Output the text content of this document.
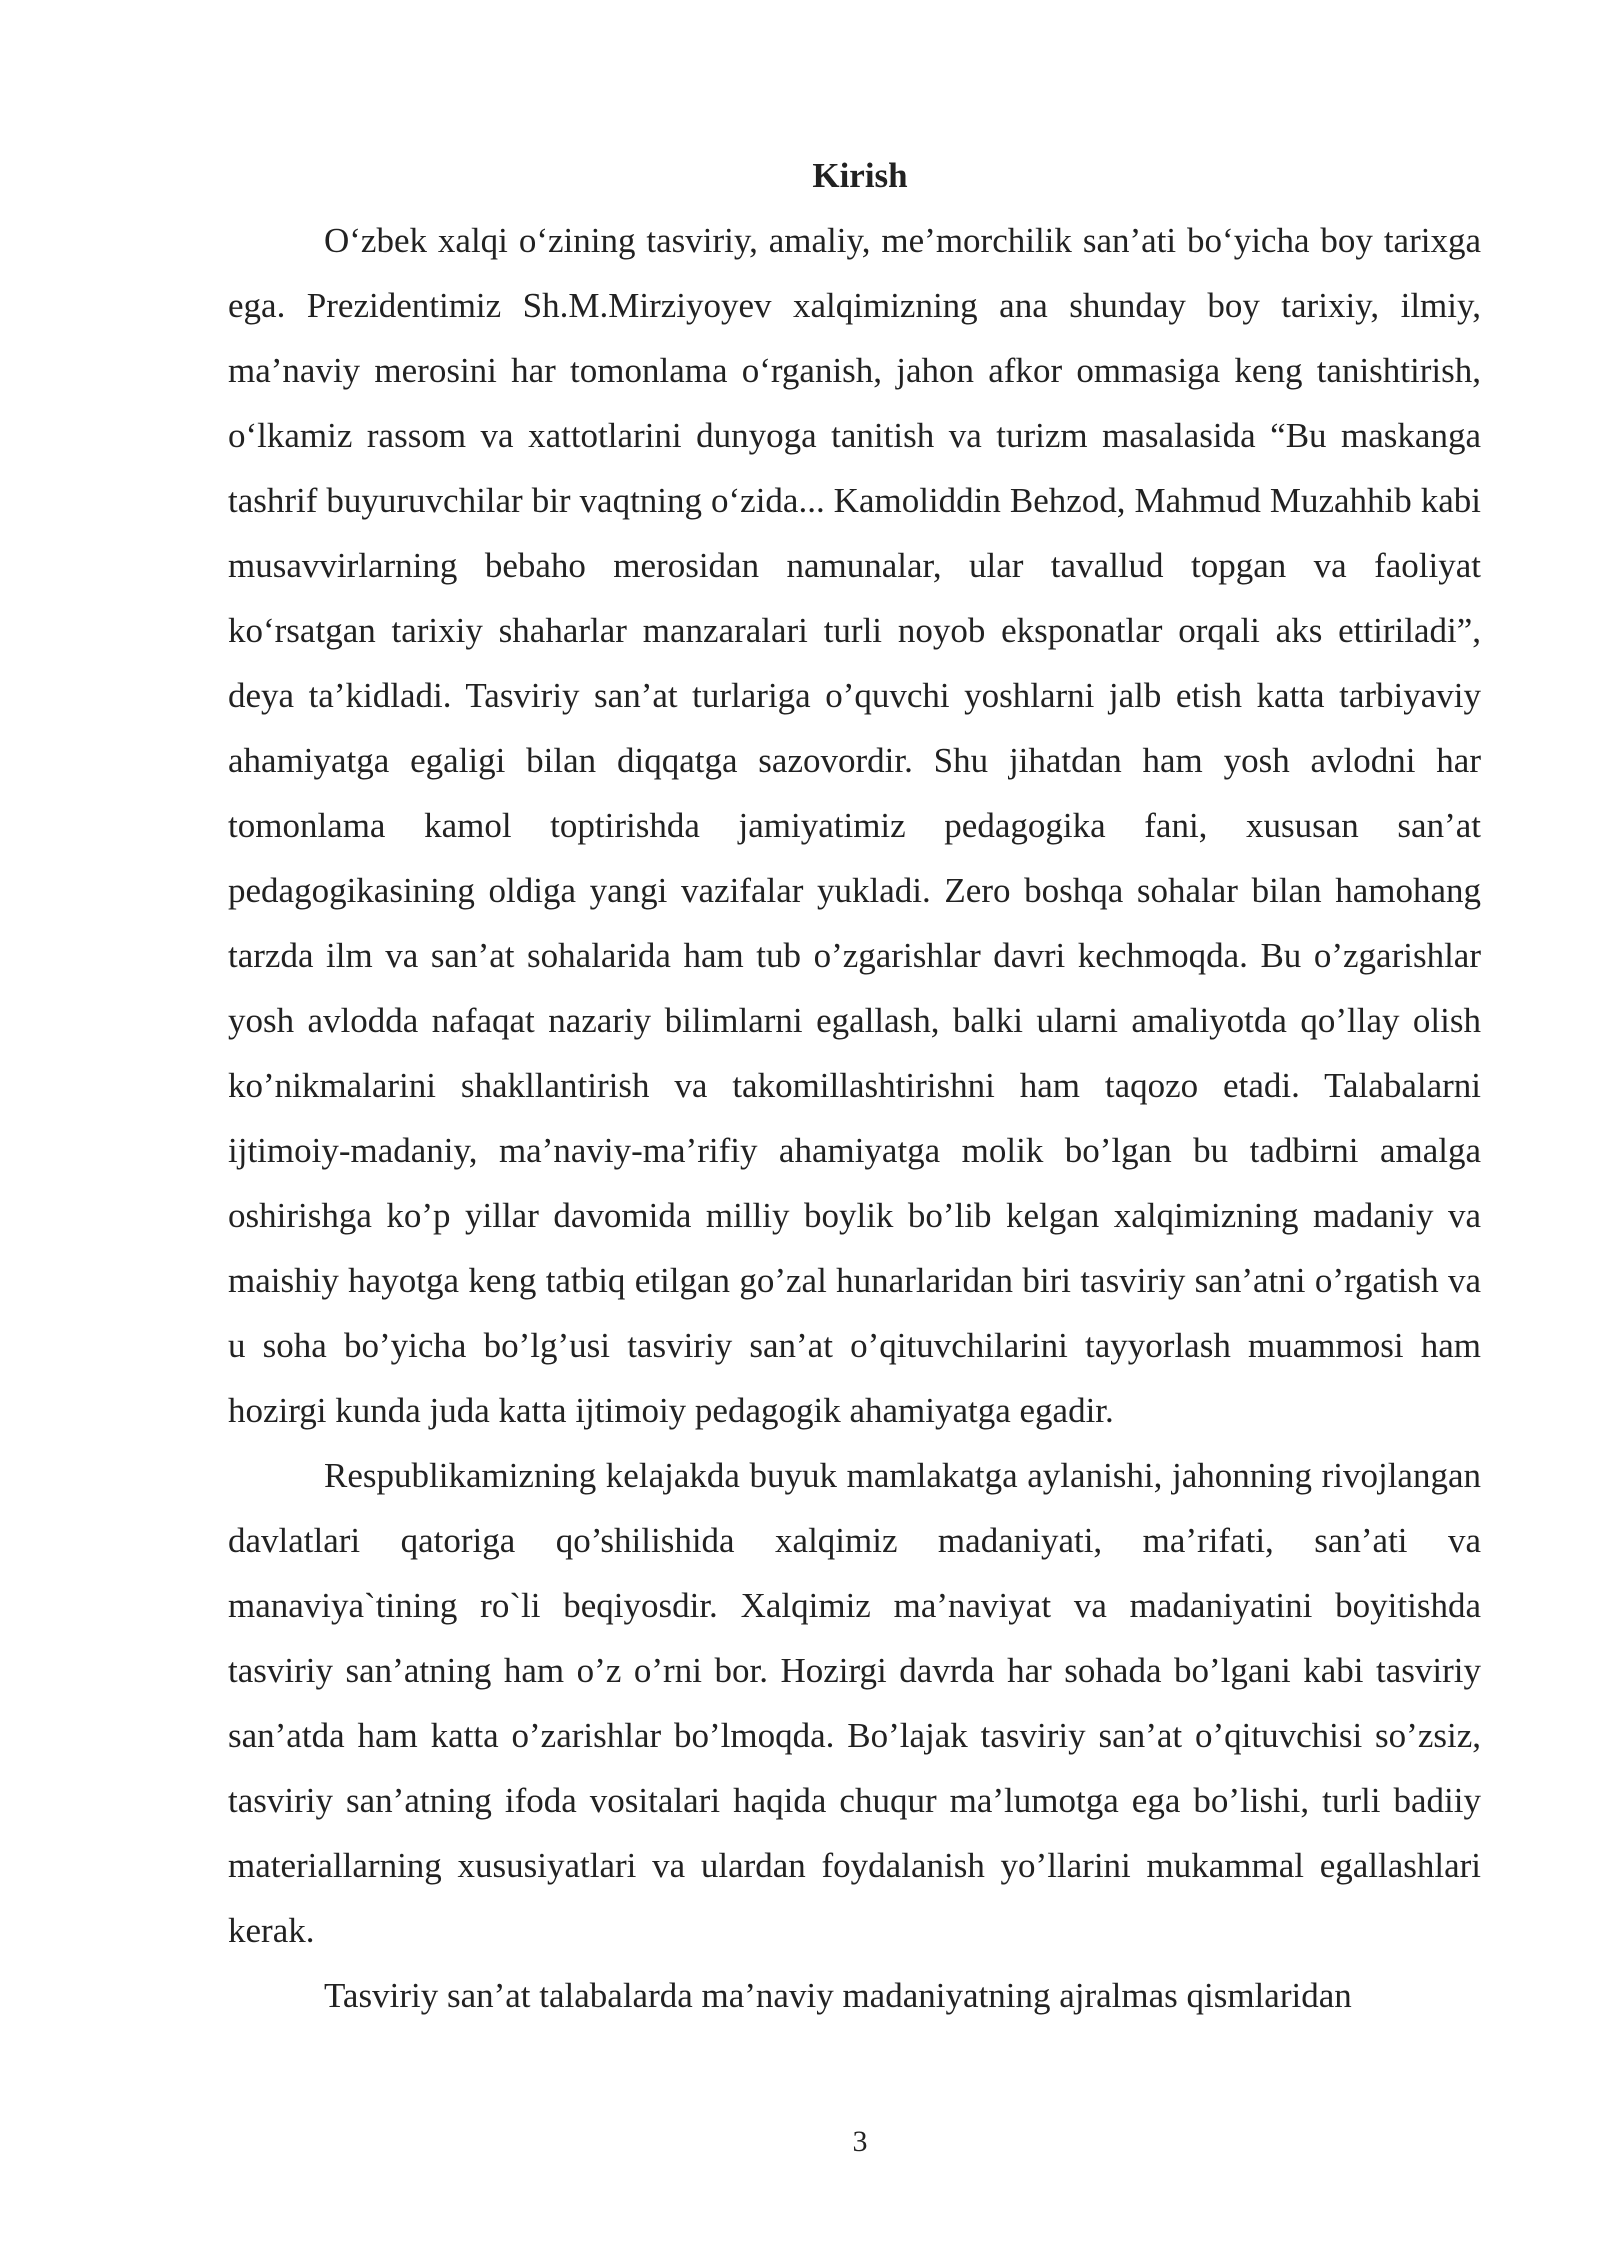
Kirish

O‘zbek xalqi o‘zining tasviriy, amaliy, me’morchilik san’ati bo‘yicha boy tarixga ega. Prezidentimiz Sh.M.Mirziyoyev xalqimizning ana shunday boy tarixiy, ilmiy, ma’naviy merosini har tomonlama o‘rganish, jahon afkor ommasiga keng tanishtirish, o‘lkamiz rassom va xattotlarini dunyoga tanitish va turizm masalasida “Bu maskanga tashrif buyuruvchilar bir vaqtning o‘zida... Kamoliddin Behzod, Mahmud Muzahhib kabi musavvirlarning bebaho merosidan namunalar, ular tavallud topgan va faoliyat ko‘rsatgan tarixiy shaharlar manzaralari turli noyob eksponatlar orqali aks ettiriladi”, deya ta’kidladi. Tasviriy san’at turlariga o’quvchi yoshlarni jalb etish katta tarbiyaviy ahamiyatga egaligi bilan diqqatga sazovordir. Shu jihatdan ham yosh avlodni har tomonlama kamol toptirishda jamiyatimiz pedagogika fani, xususan san’at pedagogikasining oldiga yangi vazifalar yukladi. Zero boshqa sohalar bilan hamohang tarzda ilm va san’at sohalarida ham tub o’zgarishlar davri kechmoqda. Bu o’zgarishlar yosh avlodda nafaqat nazariy bilimlarni egallash, balki ularni amaliyotda qo’llay olish ko’nikmalarini shakllantirish va takomillashtirishni ham taqozo etadi. Talabalarni ijtimoiy-madaniy, ma’naviy-ma’rifiy ahamiyatga molik bo’lgan bu tadbirni amalga oshirishga ko’p yillar davomida milliy boylik bo’lib kelgan xalqimizning madaniy va maishiy hayotga keng tatbiq etilgan go’zal hunarlaridan biri tasviriy san’atni o’rgatish va u soha bo’yicha bo’lg’usi tasviriy san’at o’qituvchilarini tayyorlash muammosi ham hozirgi kunda juda katta ijtimoiy pedagogik ahamiyatga egadir.

Respublikamizning kelajakda buyuk mamlakatga aylanishi, jahonning rivojlangan davlatlari qatoriga qo’shilishida xalqimiz madaniyati, ma’rifati, san’ati va manaviya`tining ro`li beqiyosdir. Xalqimiz ma’naviyat va madaniyatini boyitishda tasviriy san’atning ham o’z o’rni bor. Hozirgi davrda har sohada bo’lgani kabi tasviriy san’atda ham katta o’zarishlar bo’lmoqda. Bo’lajak tasviriy san’at o’qituvchisi so’zsiz, tasviriy san’atning ifoda vositalari haqida chuqur ma’lumotga ega bo’lishi, turli badiiy materiallarning xususiyatlari va ulardan foydalanish yo’llarini mukammal egallashlari kerak.

Tasviriy san’at talabalarda ma’naviy madaniyatning ajralmas qismlaridan

3
